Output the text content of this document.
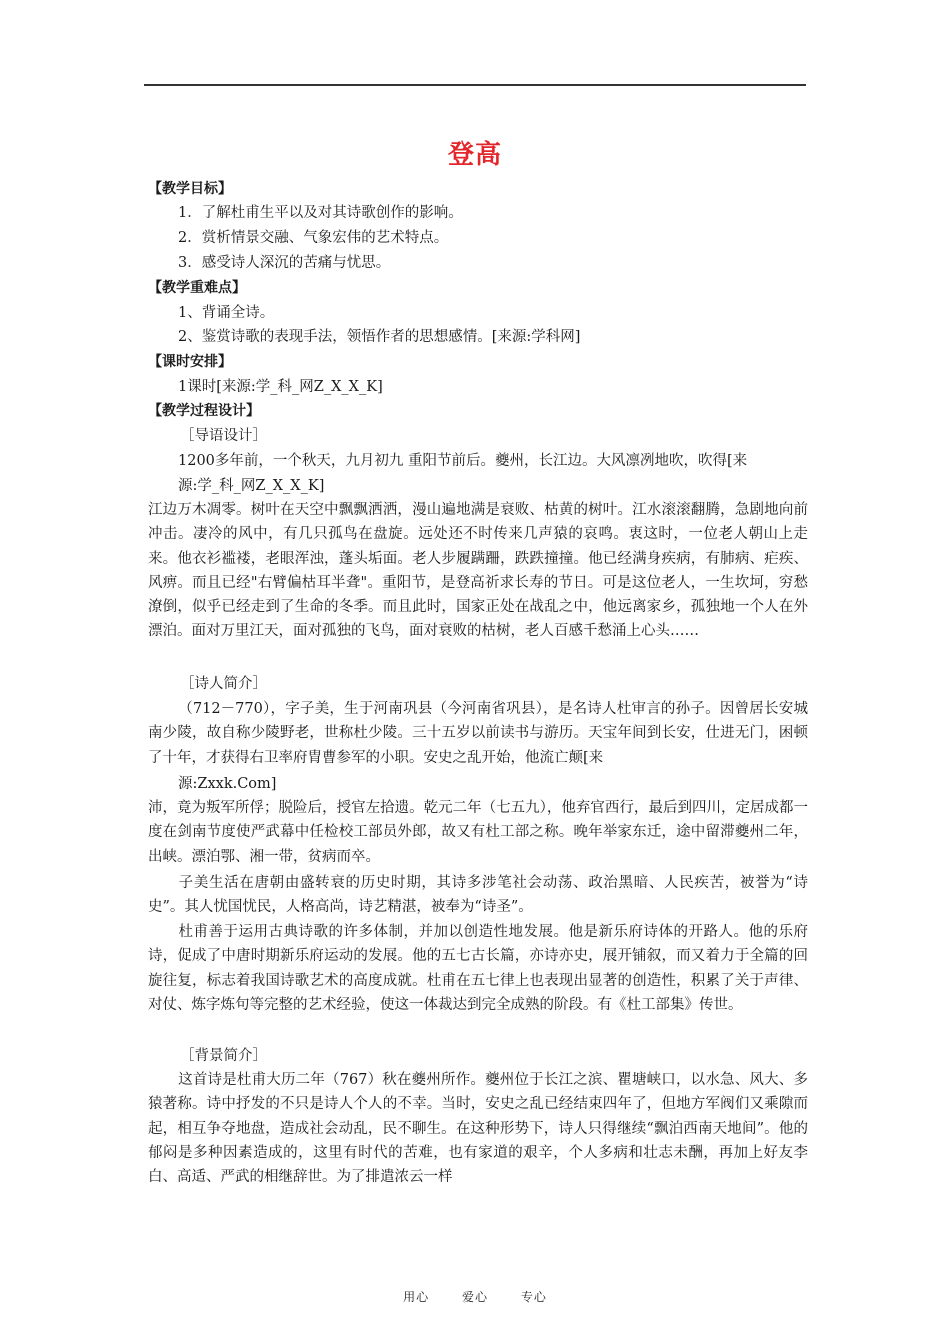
登高
【教学目标】
1．了解杜甫生平以及对其诗歌创作的影响。
2．赏析情景交融、气象宏伟的艺术特点。
3．感受诗人深沉的苦痛与忧思。
【教学重难点】
1、背诵全诗。
2、鉴赏诗歌的表现手法，领悟作者的思想感情。[来源:学科网]
【课时安排】
1课时[来源:学_科_网Z_X_X_K]
【教学过程设计】
［导语设计］
1200多年前，一个秋天，九月初九 重阳节前后。夔州，长江边。大风凛冽地吹，吹得[来
源:学_科_网Z_X_X_K]
江边万木凋零。树叶在天空中飘飘洒洒，漫山遍地满是衰败、枯黄的树叶。江水滚滚翻腾，急剧地向前冲击。凄冷的风中，有几只孤鸟在盘旋。远处还不时传来几声猿的哀鸣。衷这时，一位老人朝山上走来。他衣衫褴褛，老眼浑浊，蓬头垢面。老人步履蹒跚，跌跌撞撞。他已经满身疾病，有肺病、疟疾、风痹。而且已经"右臂偏枯耳半聋"。重阳节，是登高祈求长寿的节日。可是这位老人，一生坎坷，穷愁潦倒，似乎已经走到了生命的冬季。而且此时，国家正处在战乱之中，他远离家乡，孤独地一个人在外漂泊。面对万里江天，面对孤独的飞鸟，面对衰败的枯树，老人百感千愁涌上心头……
［诗人简介］
（712－770），字子美，生于河南巩县（今河南省巩县），是名诗人杜审言的孙子。因曾居长安城南少陵，故自称少陵野老，世称杜少陵。三十五岁以前读书与游历。天宝年间到长安，仕进无门，困顿了十年，才获得右卫率府胄曹参军的小职。安史之乱开始，他流亡颠[来
源:Zxxk.Com]
沛，竟为叛军所俘；脱险后，授官左拾遗。乾元二年（七五九），他弃官西行，最后到四川，定居成都一度在剑南节度使严武幕中任检校工部员外郎，故又有杜工部之称。晚年举家东迁，途中留滞夔州二年，出峡。漂泊鄂、湘一带，贫病而卒。
子美生活在唐朝由盛转衰的历史时期，其诗多涉笔社会动荡、政治黑暗、人民疾苦，被誉为“诗史”。其人忧国忧民，人格高尚，诗艺精湛，被奉为“诗圣”。
杜甫善于运用古典诗歌的许多体制，并加以创造性地发展。他是新乐府诗体的开路人。他的乐府诗，促成了中唐时期新乐府运动的发展。他的五七古长篇，亦诗亦史，展开铺叙，而又着力于全篇的回旋往复，标志着我国诗歌艺术的高度成就。杜甫在五七律上也表现出显著的创造性，积累了关于声律、对仗、炼字炼句等完整的艺术经验，使这一体裁达到完全成熟的阶段。有《杜工部集》传世。
［背景简介］
这首诗是杜甫大历二年（767）秋在夔州所作。夔州位于长江之滨、瞿塘峡口，以水急、风大、多猿著称。诗中抒发的不只是诗人个人的不幸。当时，安史之乱已经结束四年了，但地方军阀们又乘隙而起，相互争夺地盘，造成社会动乱，民不聊生。在这种形势下，诗人只得继续“飘泊西南天地间”。他的郁闷是多种因素造成的，这里有时代的苦难，也有家道的艰辛，个人多病和壮志未酬，再加上好友李白、高适、严武的相继辞世。为了排遣浓云一样
用心	爱心	专心
